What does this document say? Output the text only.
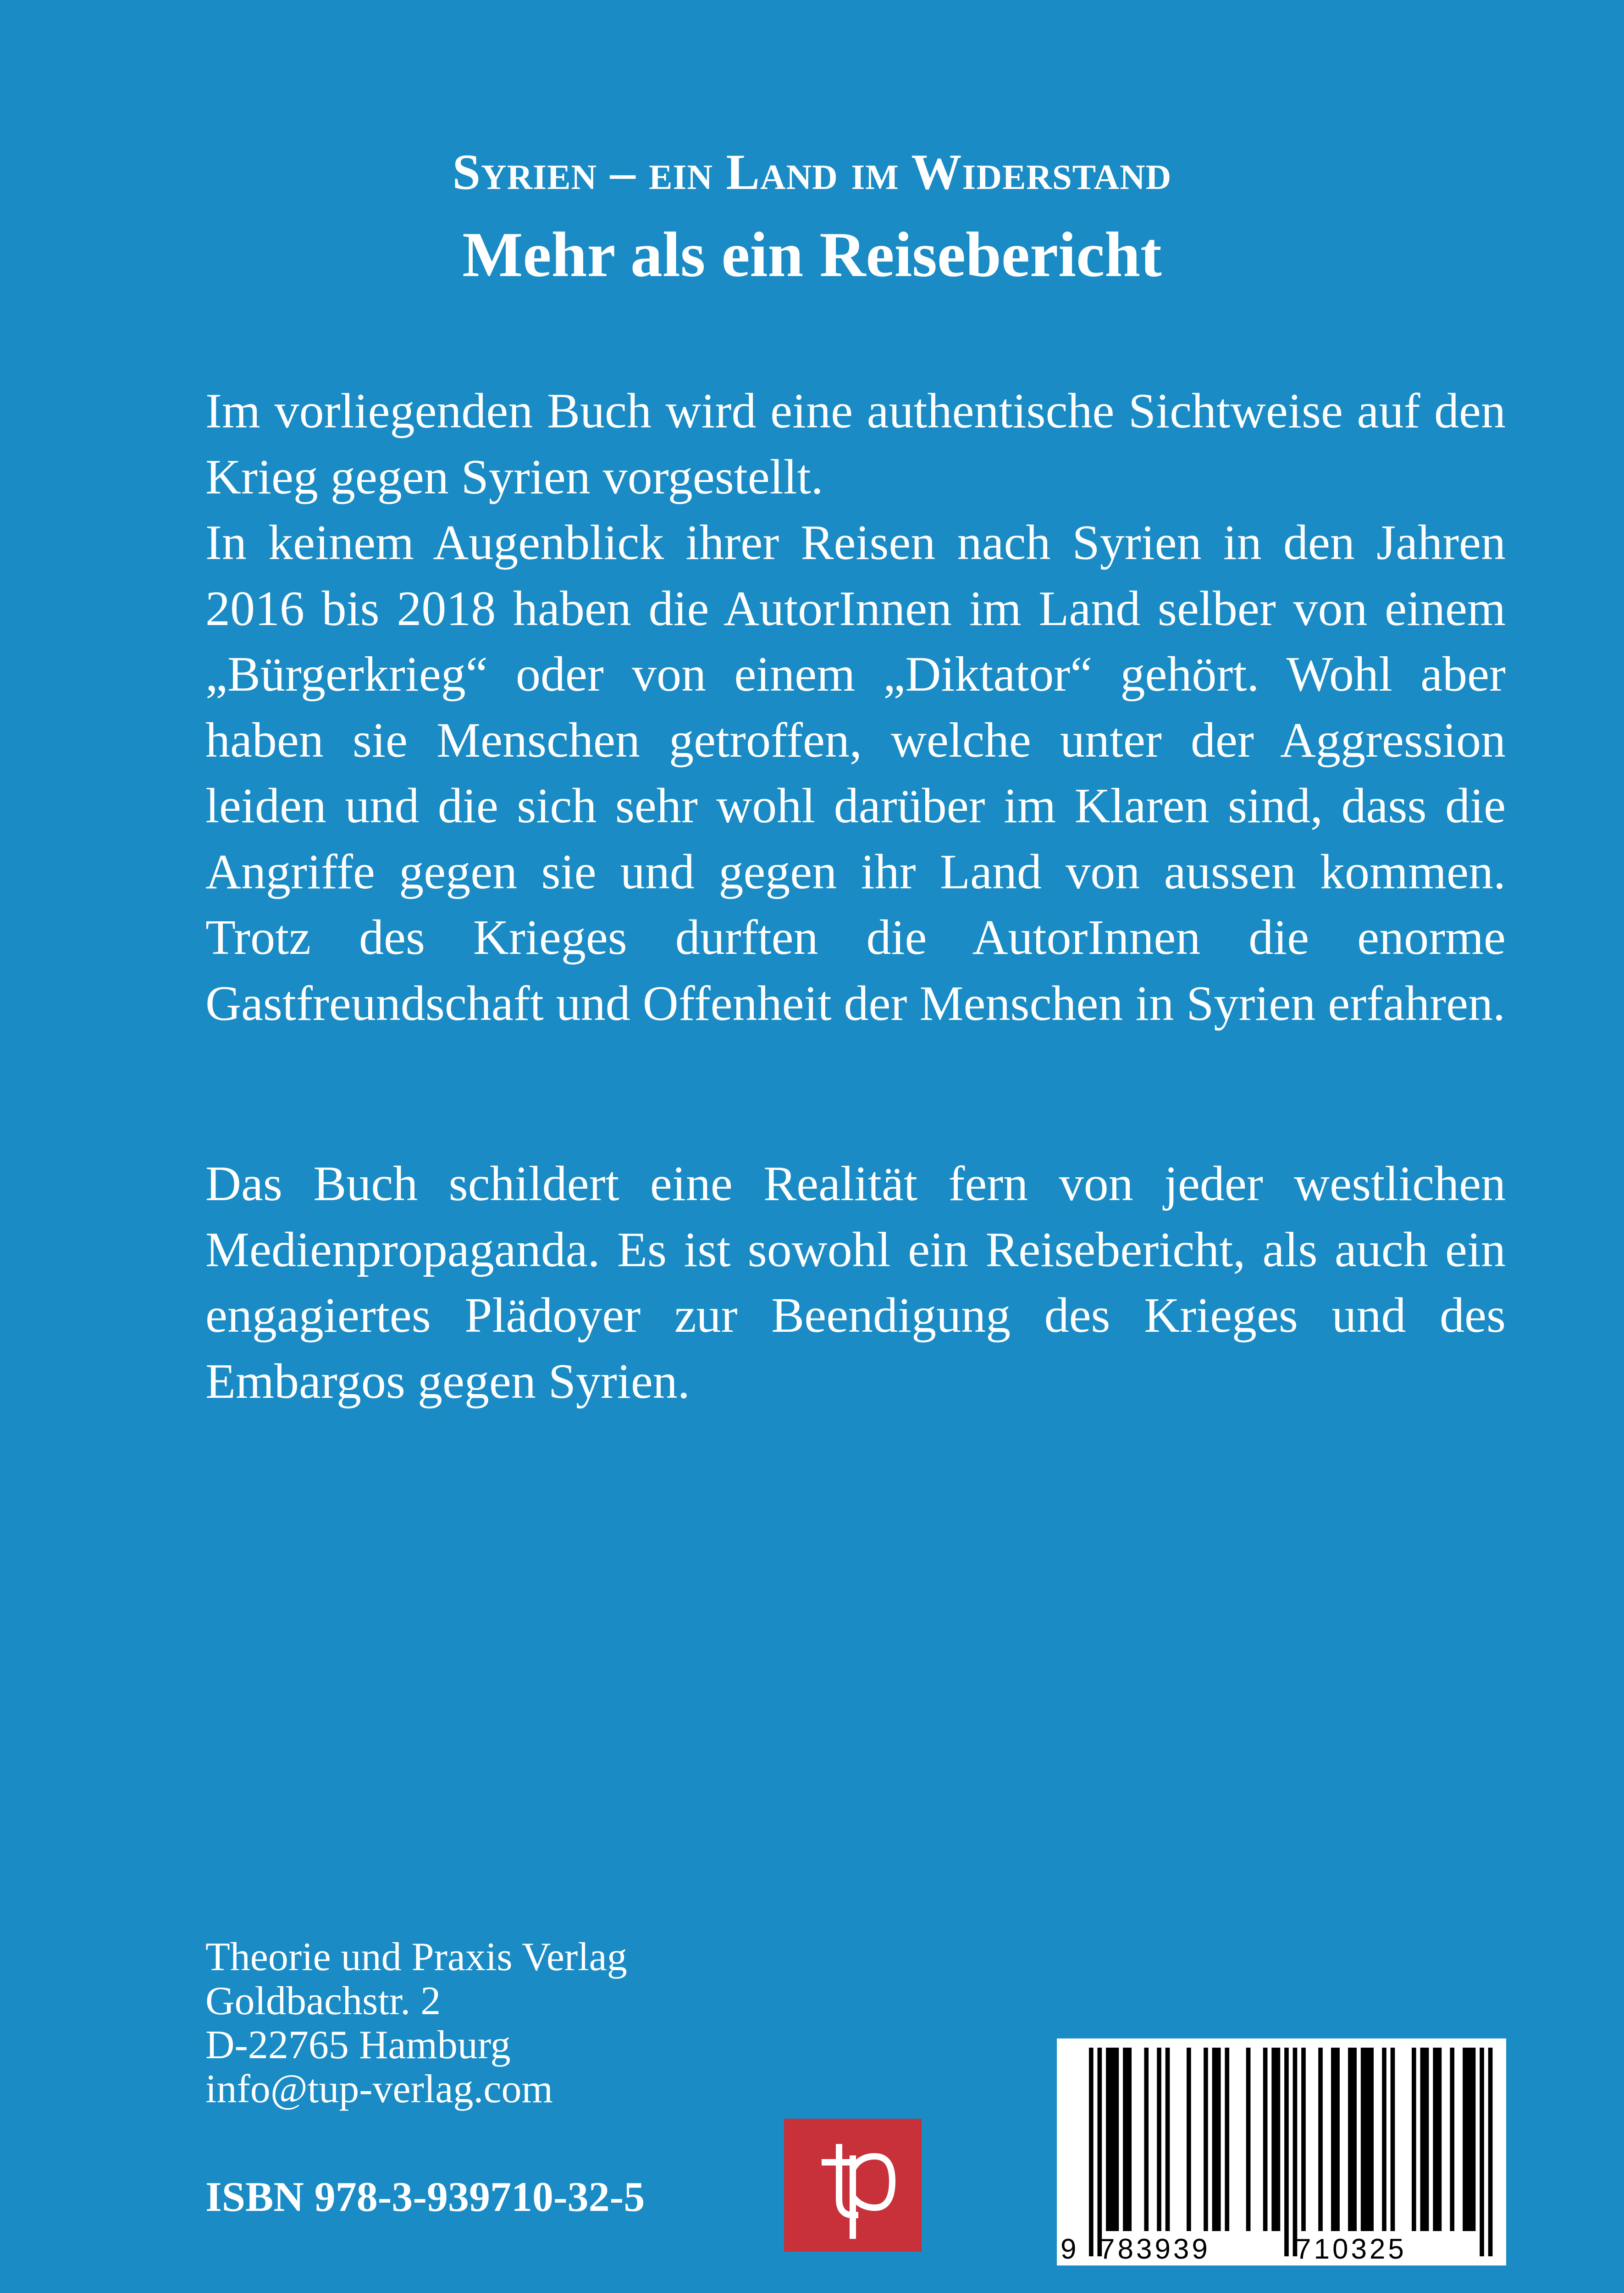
Syrien – ein Land im Widerstand
Mehr als ein Reisebericht
Im vorliegenden Buch wird eine authentische Sichtweise auf den Krieg gegen Syrien vorgestellt.
In keinem Augenblick ihrer Reisen nach Syrien in den Jahren 2016 bis 2018 haben die AutorInnen im Land selber von einem „Bürgerkrieg“ oder von einem „Diktator“ gehört. Wohl aber haben sie Menschen getroffen, welche unter der Aggression leiden und die sich sehr wohl darüber im Klaren sind, dass die Angriffe gegen sie und gegen ihr Land von aussen kommen. Trotz des Krieges durften die AutorInnen die enorme Gastfreundschaft und Offenheit der Menschen in Syrien erfahren.
Das Buch schildert eine Realität fern von jeder westlichen Medienpropaganda. Es ist sowohl ein Reisebericht, als auch ein engagiertes Plädoyer zur Beendigung des Krieges und des Embargos gegen Syrien.
Theorie und Praxis Verlag
Goldbachstr. 2
D-22765 Hamburg
info@tup-verlag.com
ISBN 978-3-939710-32-5
9 783939	710325
